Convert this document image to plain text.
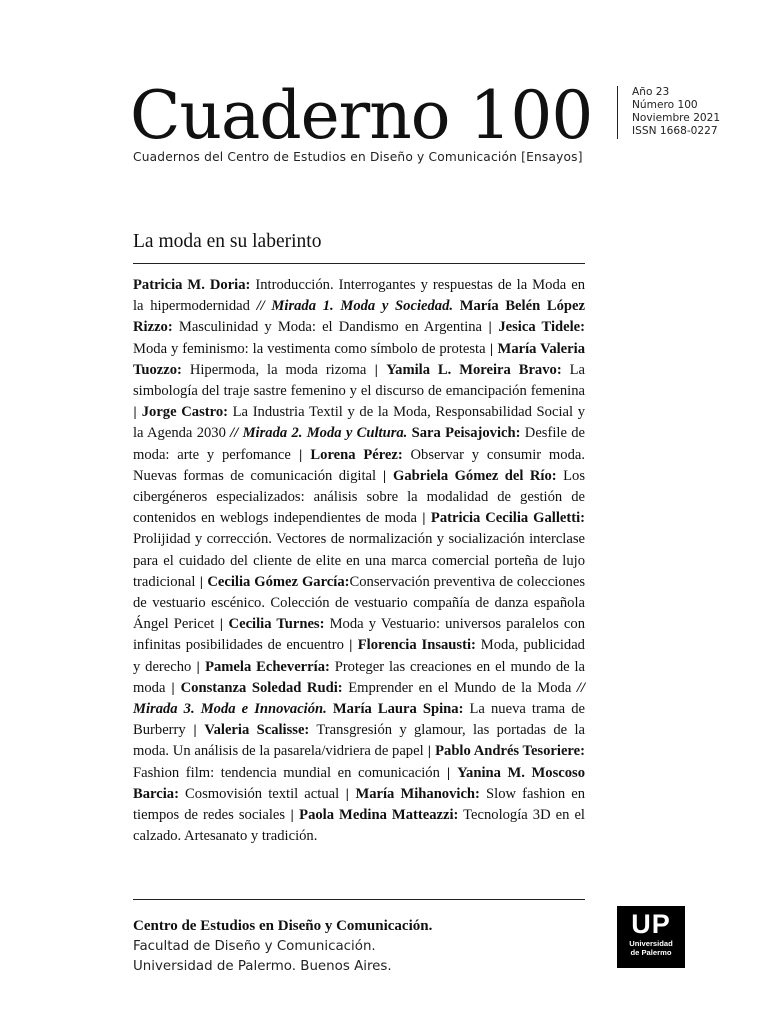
Cuaderno 100
Cuadernos del Centro de Estudios en Diseño y Comunicación [Ensayos]
Año 23
Número 100
Noviembre 2021
ISSN 1668-0227
La moda en su laberinto

Patricia M. Doria: Introducción. Interrogantes y respuestas de la Moda en la hipermodernidad // Mirada 1. Moda y Sociedad. María Belén López Rizzo: Masculinidad y Moda: el Dandismo en Argentina | Jesica Tidele: Moda y feminismo: la vestimenta como símbolo de protesta | María Valeria Tuozzo: Hipermoda, la moda rizoma | Yamila L. Moreira Bravo: La simbología del traje sastre femenino y el discurso de emancipación femenina | Jorge Castro: La Industria Textil y de la Moda, Responsabilidad Social y la Agenda 2030 // Mirada 2. Moda y Cultura. Sara Peisajovich: Desfile de moda: arte y perfomance | Lorena Pérez: Observar y consumir moda. Nuevas formas de comunicación digital | Gabriela Gómez del Río: Los cibergéneros especializados: análisis sobre la modalidad de gestión de contenidos en weblogs independientes de moda | Patricia Cecilia Galletti: Prolijidad y corrección. Vectores de normalización y socialización interclase para el cuidado del cliente de elite en una marca comercial porteña de lujo tradicional | Cecilia Gómez García:Conservación preventiva de colecciones de vestuario escénico. Colección de vestuario compañía de danza española Ángel Pericet | Cecilia Turnes: Moda y Vestuario: universos paralelos con infinitas posibilidades de encuentro | Florencia Insausti: Moda, publicidad y derecho | Pamela Echeverría: Proteger las creaciones en el mundo de la moda | Constanza Soledad Rudi: Emprender en el Mundo de la Moda // Mirada 3. Moda e Innovación. María Laura Spina: La nueva trama de Burberry | Valeria Scalisse: Transgresión y glamour, las portadas de la moda. Un análisis de la pasarela/vidriera de papel | Pablo Andrés Tesoriere: Fashion film: tendencia mundial en comunicación | Yanina M. Moscoso Barcia: Cosmovisión textil actual | María Mihanovich: Slow fashion en tiempos de redes sociales | Paola Medina Matteazzi: Tecnología 3D en el calzado. Artesanato y tradición.

Centro de Estudios en Diseño y Comunicación.
Facultad de Diseño y Comunicación.
Universidad de Palermo. Buenos Aires.
UP
Universidad
de Palermo
